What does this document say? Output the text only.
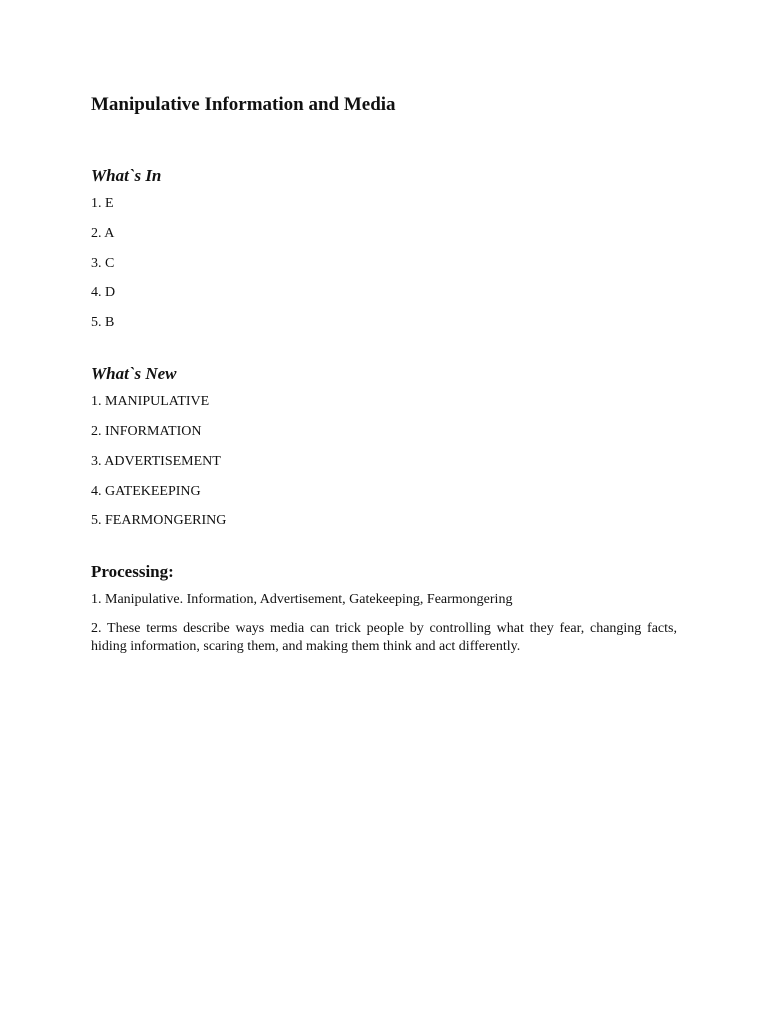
Manipulative Information and Media
What`s In

1. E

2. A

3. C

4. D

5. B

What`s New

1. MANIPULATIVE

2. INFORMATION

3. ADVERTISEMENT

4. GATEKEEPING

5. FEARMONGERING

Processing:

1. Manipulative. Information, Advertisement, Gatekeeping, Fearmongering

2. These terms describe ways media can trick people by controlling what they fear, changing facts, hiding information, scaring them, and making them think and act differently.
